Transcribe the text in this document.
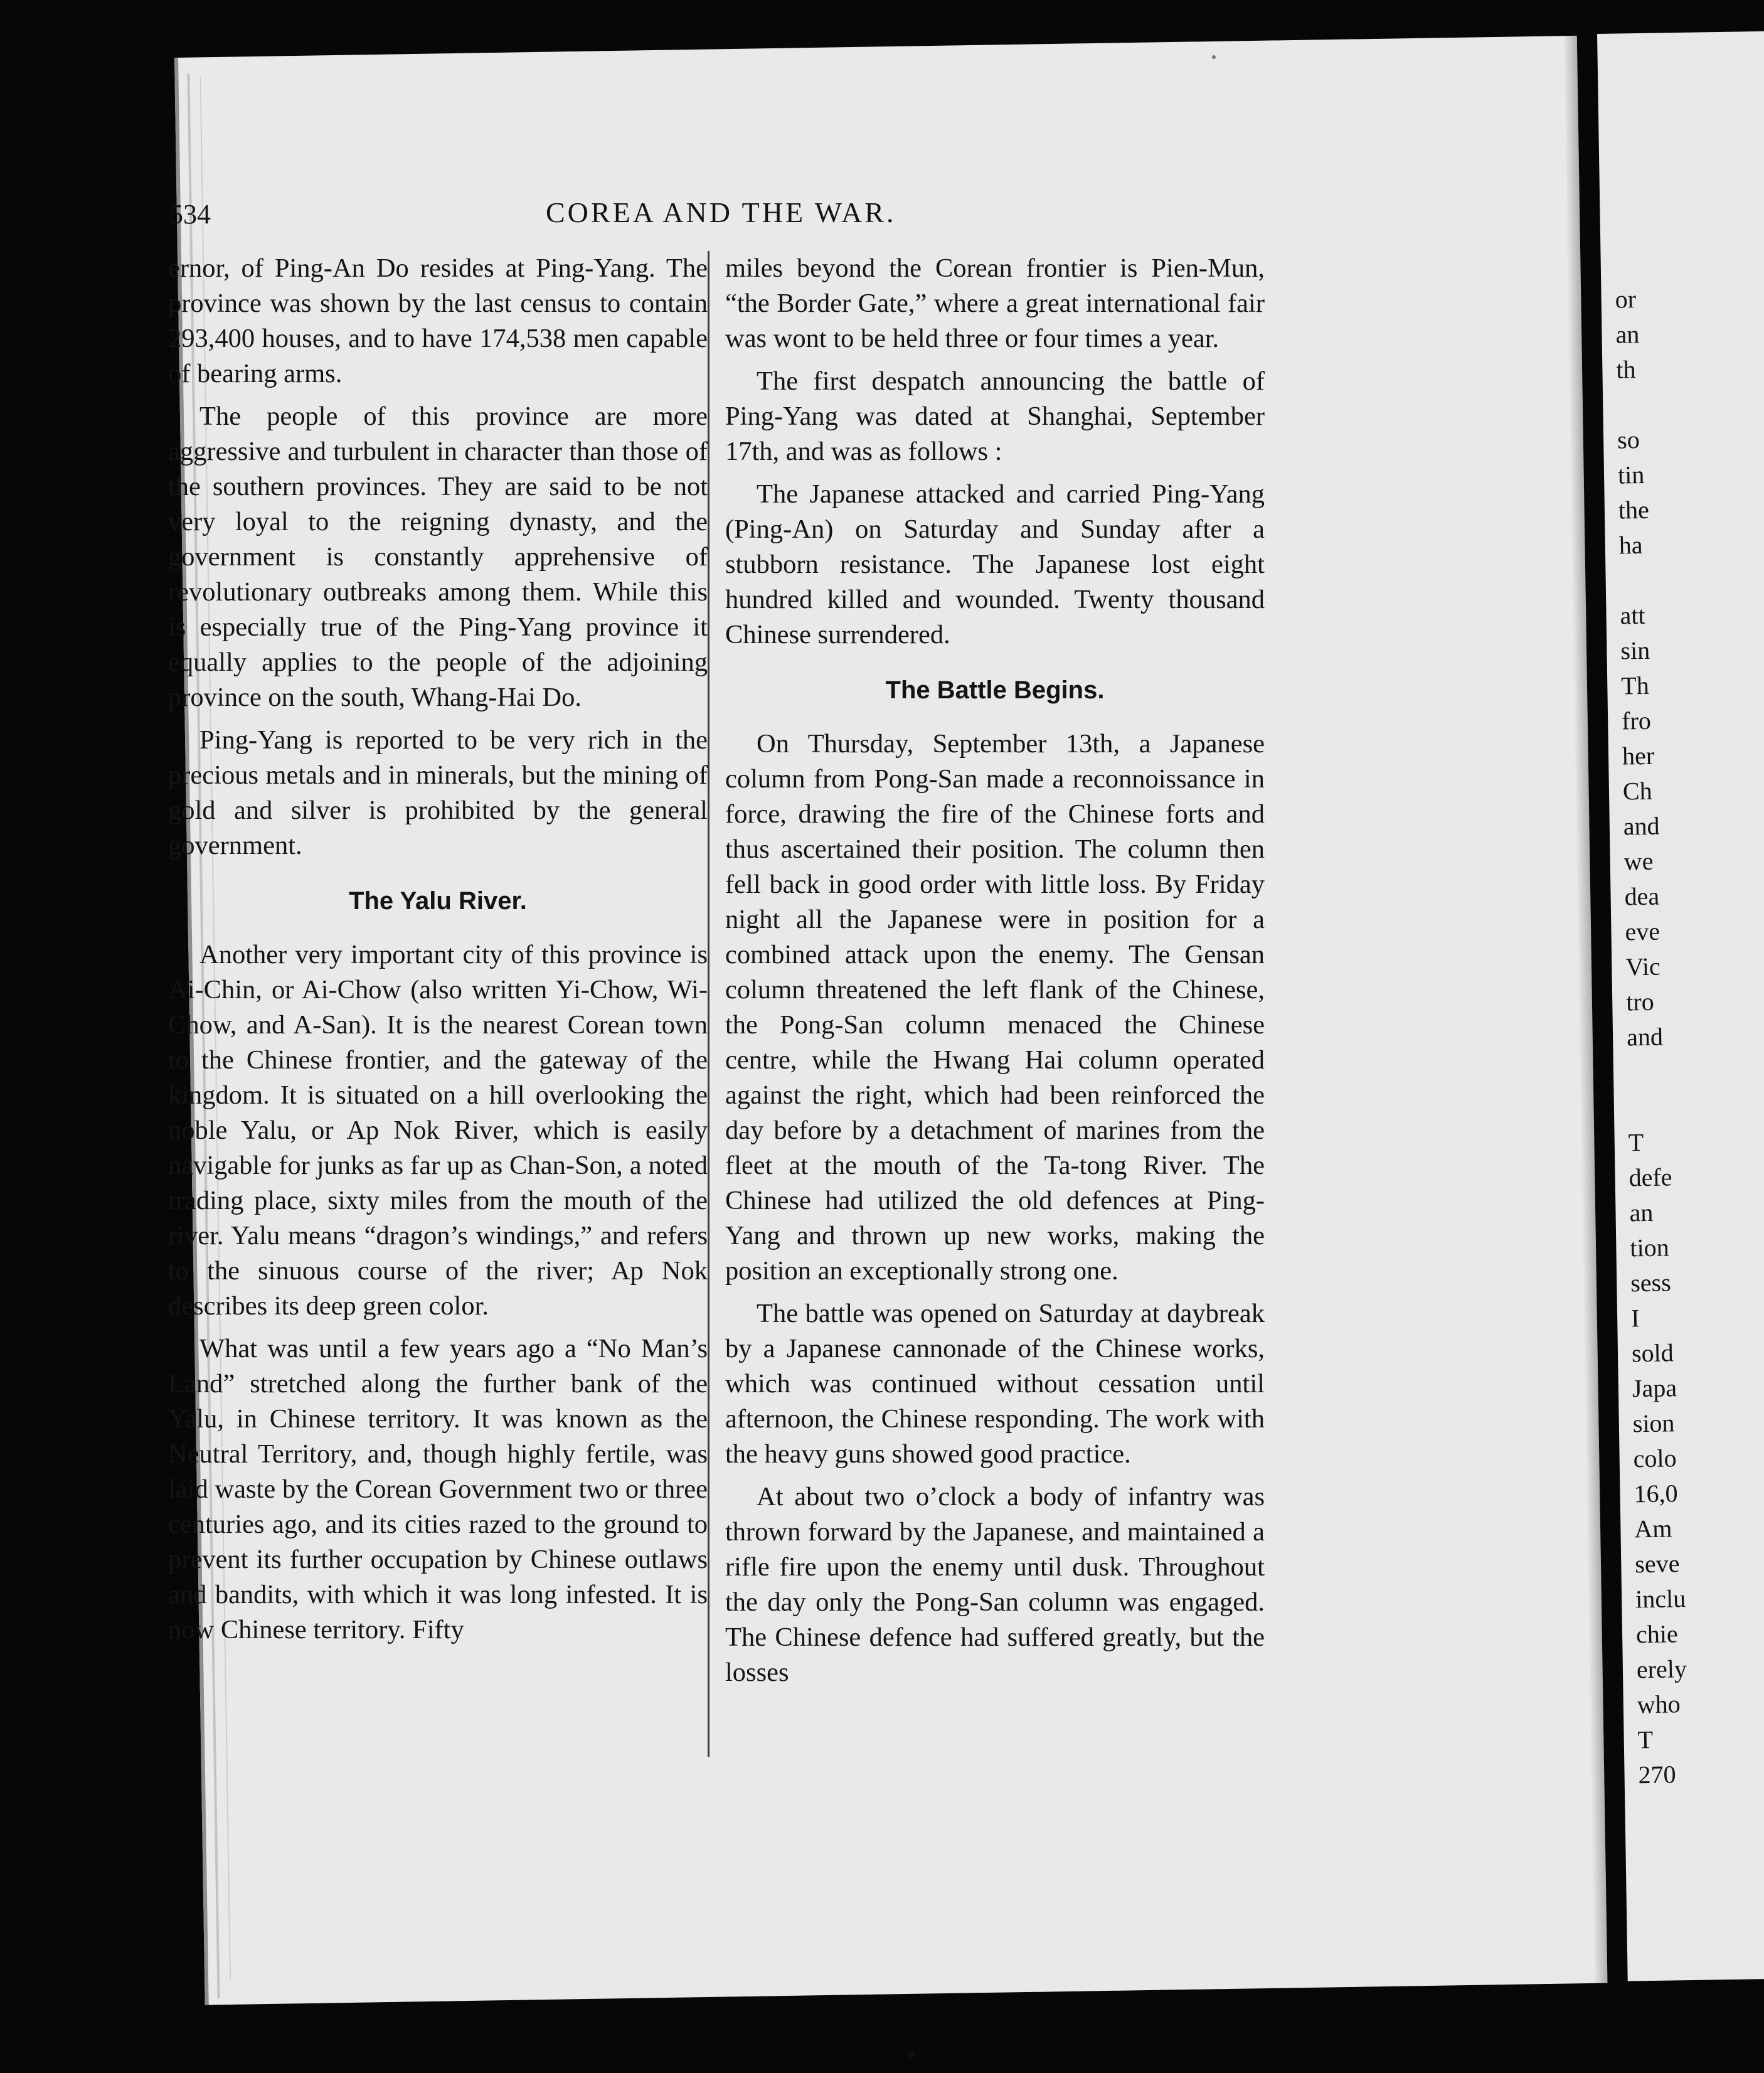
or
an
th
so
tin
the
ha
att
sin
Th
fro
her
Ch
and
we
dea
eve
Vic
tro
and
T
defe
an
tion
sess
I
sold
Japa
sion
colo
16,0
Am
seve
inclu
chie
erely
who
T
270
534	COREA AND THE WAR.

ernor, of Ping-An Do resides at Ping-Yang. The province was shown by the last census to contain 293,400 houses, and to have 174,538 men capable of bearing arms.

The people of this province are more aggressive and turbulent in character than those of the southern provinces. They are said to be not very loyal to the reigning dynasty, and the government is constantly apprehensive of revolutionary outbreaks among them. While this is especially true of the Ping-Yang province it equally applies to the people of the adjoining province on the south, Whang-Hai Do.

Ping-Yang is reported to be very rich in the precious metals and in minerals, but the mining of gold and silver is prohibited by the general government.

The Yalu River.

Another very important city of this province is Ai-Chin, or Ai-Chow (also written Yi-Chow, Wi-Chow, and A-San). It is the nearest Corean town to the Chinese frontier, and the gateway of the kingdom. It is situated on a hill overlooking the noble Yalu, or Ap Nok River, which is easily navigable for junks as far up as Chan-Son, a noted trading place, sixty miles from the mouth of the river. Yalu means “dragon’s windings,” and refers to the sinuous course of the river; Ap Nok describes its deep green color.

What was until a few years ago a “No Man’s Land” stretched along the further bank of the Yalu, in Chinese territory. It was known as the Neutral Territory, and, though highly fertile, was laid waste by the Corean Government two or three centuries ago, and its cities razed to the ground to prevent its further occupation by Chinese outlaws and bandits, with which it was long infested. It is now Chinese territory. Fifty

miles beyond the Corean frontier is Pien-Mun, “the Border Gate,” where a great international fair was wont to be held three or four times a year.

The first despatch announcing the battle of Ping-Yang was dated at Shanghai, September 17th, and was as follows :

The Japanese attacked and carried Ping-Yang (Ping-An) on Saturday and Sunday after a stubborn resistance. The Japanese lost eight hundred killed and wounded. Twenty thousand Chinese surrendered.

The Battle Begins.

On Thursday, September 13th, a Japanese column from Pong-San made a reconnoissance in force, drawing the fire of the Chinese forts and thus ascertained their position. The column then fell back in good order with little loss. By Friday night all the Japanese were in position for a combined attack upon the enemy. The Gensan column threatened the left flank of the Chinese, the Pong-San column menaced the Chinese centre, while the Hwang Hai column operated against the right, which had been reinforced the day before by a detachment of marines from the fleet at the mouth of the Ta-tong River. The Chinese had utilized the old defences at Ping-Yang and thrown up new works, making the position an exceptionally strong one.

The battle was opened on Saturday at daybreak by a Japanese cannonade of the Chinese works, which was continued without cessation until afternoon, the Chinese responding. The work with the heavy guns showed good practice.

At about two o’clock a body of infantry was thrown forward by the Japanese, and maintained a rifle fire upon the enemy until dusk. Throughout the day only the Pong-San column was engaged. The Chinese defence had suffered greatly, but the losses
